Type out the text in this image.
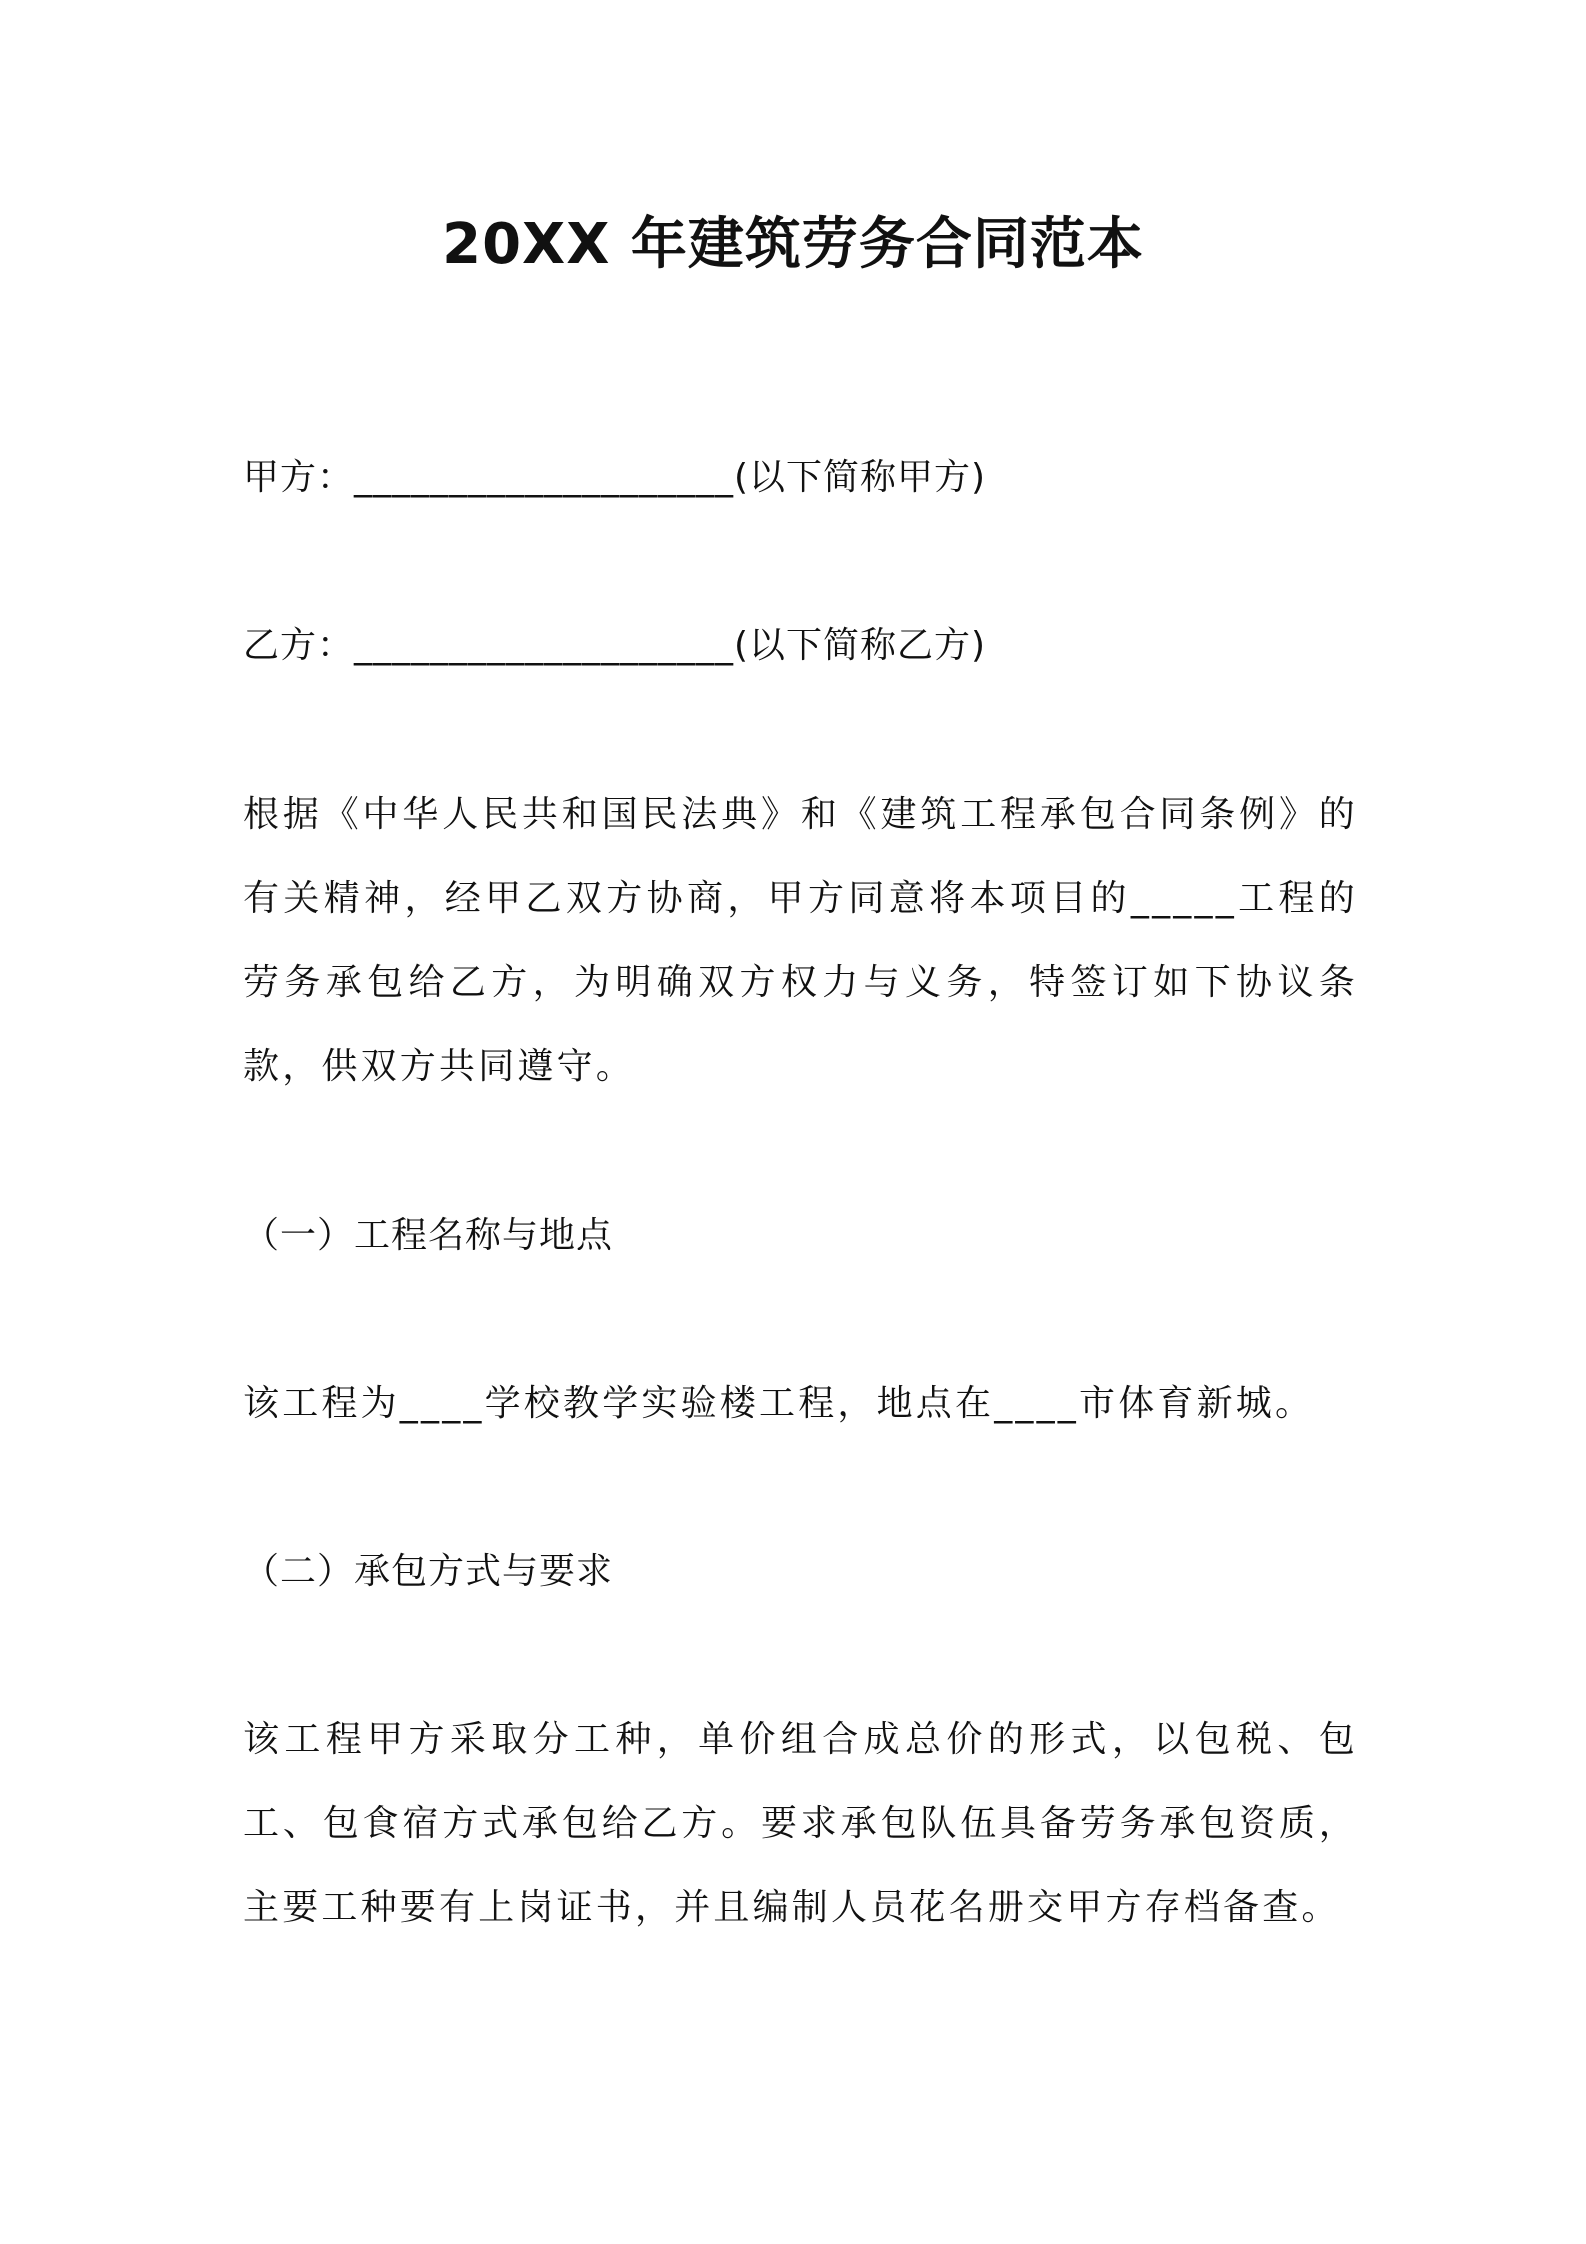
20XX 年建筑劳务合同范本
甲方：____________________(以下简称甲方)
乙方：____________________(以下简称乙方)
根据《中华人民共和国民法典》和《建筑工程承包合同条例》的有关精神，经甲乙双方协商，甲方同意将本项目的_____工程的劳务承包给乙方，为明确双方权力与义务，特签订如下协议条款，供双方共同遵守。
（一）工程名称与地点
该工程为____学校教学实验楼工程，地点在____市体育新城。
（二）承包方式与要求
该工程甲方采取分工种，单价组合成总价的形式，以包税、包工、包食宿方式承包给乙方。要求承包队伍具备劳务承包资质，主要工种要有上岗证书，并且编制人员花名册交甲方存档备查。
